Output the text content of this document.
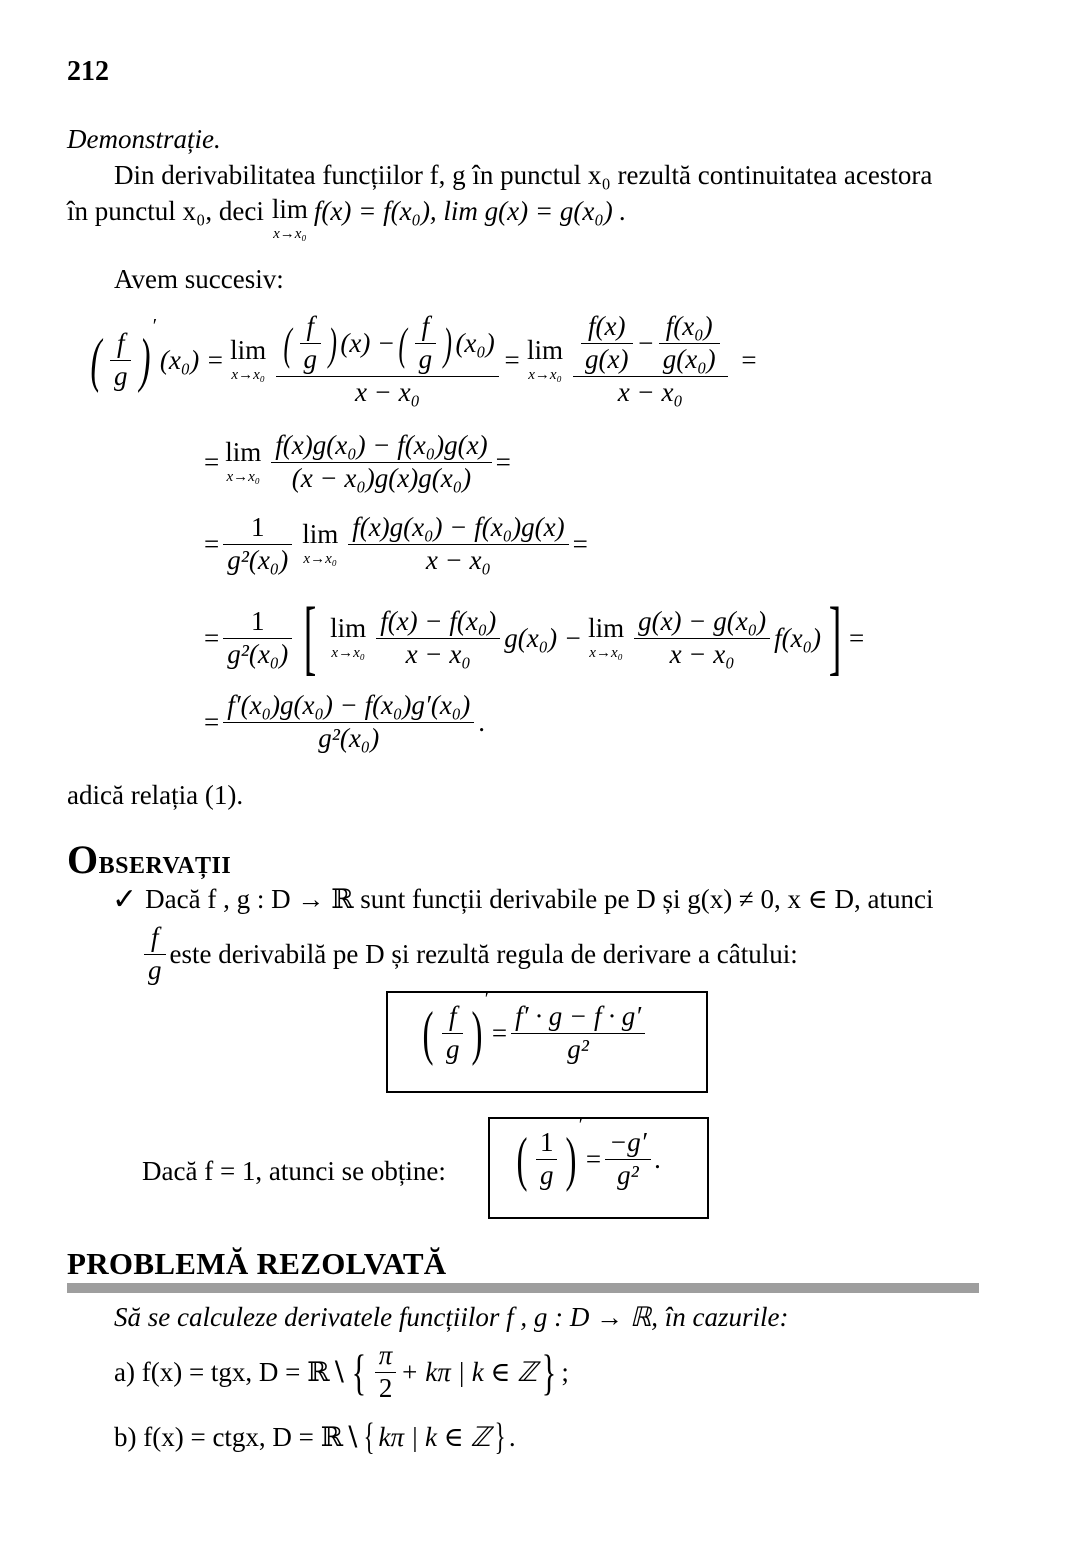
212
Demonstrație.
Din derivabilitatea funcțiilor f, g în punctul x₀ rezultă continuitatea acestora
în punctul x₀, deci lim
x→x₀
f(x) = f(x₀), lim g(x) = g(x₀) .
Avem succesiv:
( $\frac{f}{g}$ )
′
(x₀) = lim
x→x₀
( $\frac{f}{g}$ ) (x) − ( $\frac{f}{g}$ ) (x₀)
x − x₀
= lim
$x\to x_0 \frac{f(x)}{g(x)} - \frac{\text{f(x₀)}}{\text{g(x₀)}}$
x − x₀
=
= lim
$x\to x_0 \frac{\text{f(x)g(x₀) − f(x₀)g(x)}}{\text{(x − x₀)g(x)g(x₀)}}$ =
= $\frac{1}{\text{g²(x₀)}}$ lim
$x\to x_0 \frac{\text{f(x)g(x₀) − f(x₀)g(x)}}{\text{x − x₀}}$ =
= $\frac{1}{\text{g²(x₀)}}$ [ lim
$x\to x_0 \frac{\text{f(x) − f(x₀)}}{\text{x − x₀}} g(x_0) - \lim$
$x\to x_0 \frac{\text{g(x) − g(x₀)}}{\text{x − x₀}} f(x_0)$ ] =
= $\frac{\text{f′(x₀)g(x₀) − f(x₀)g′(x₀)}}{\text{g²(x₀)}}$ .
adică relația (1).
OBSERVAȚII
✓ Dacă f , g : D → ℝ sunt funcții derivabile pe D și g(x) ≠ 0, x ∈ D, atunci
$\frac{f}{g}$ este derivabilă pe D și rezultă regula de derivare a câtului:
( $\frac{f}{g}$ )
′
= $\frac{f' \cdot g - f \cdot g'}{\text{g²}}$
Dacă f = 1, atunci se obține: ( $\frac{1}{g}$ )
′
= $\frac{-g'}{\text{g²}}$ .
PROBLEMĂ REZOLVATĂ
Să se calculeze derivatele funcțiilor f , g : D → ℝ, în cazurile:
a) f(x) = tgx, D = ℝ∖ { $\frac{\pi}{2} + k\pi$ | k ∈ ℤ } ;
b) f(x) = ctgx, D = ℝ∖ { kπ | k ∈ ℤ } .
